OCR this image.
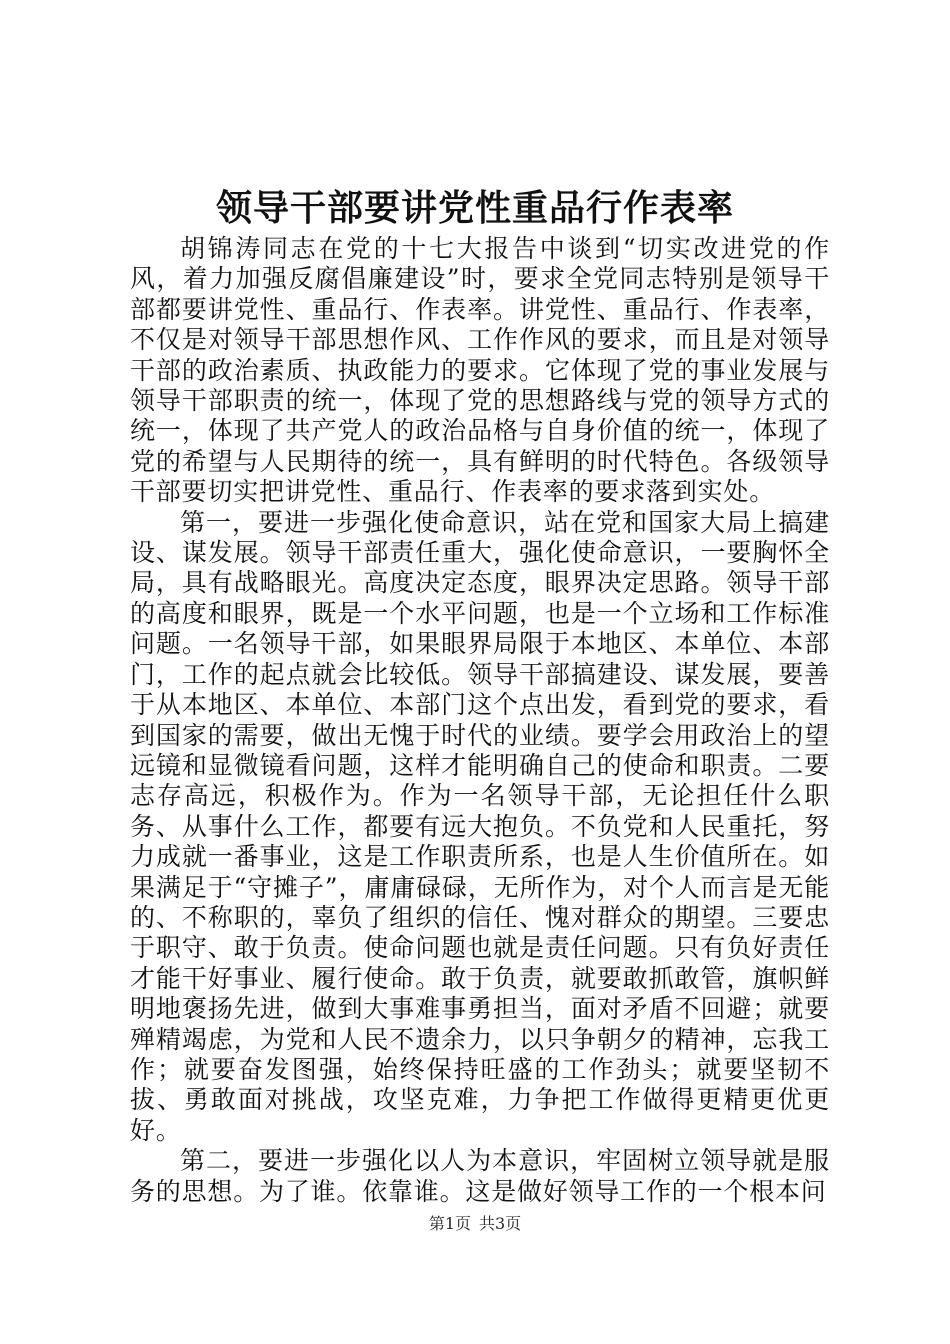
领导干部要讲党性重品行作表率

胡锦涛同志在党的十七大报告中谈到“切实改进党的作风，着力加强反腐倡廉建设”时，要求全党同志特别是领导干部都要讲党性、重品行、作表率。讲党性、重品行、作表率，不仅是对领导干部思想作风、工作作风的要求，而且是对领导干部的政治素质、执政能力的要求。它体现了党的事业发展与领导干部职责的统一，体现了党的思想路线与党的领导方式的统一，体现了共产党人的政治品格与自身价值的统一，体现了党的希望与人民期待的统一，具有鲜明的时代特色。各级领导干部要切实把讲党性、重品行、作表率的要求落到实处。

第一，要进一步强化使命意识，站在党和国家大局上搞建设、谋发展。领导干部责任重大，强化使命意识，一要胸怀全局，具有战略眼光。高度决定态度，眼界决定思路。领导干部的高度和眼界，既是一个水平问题，也是一个立场和工作标准问题。一名领导干部，如果眼界局限于本地区、本单位、本部门，工作的起点就会比较低。领导干部搞建设、谋发展，要善于从本地区、本单位、本部门这个点出发，看到党的要求，看到国家的需要，做出无愧于时代的业绩。要学会用政治上的望远镜和显微镜看问题，这样才能明确自己的使命和职责。二要志存高远，积极作为。作为一名领导干部，无论担任什么职务、从事什么工作，都要有远大抱负。不负党和人民重托，努力成就一番事业，这是工作职责所系，也是人生价值所在。如果满足于“守摊子”，庸庸碌碌，无所作为，对个人而言是无能的、不称职的，辜负了组织的信任、愧对群众的期望。三要忠于职守、敢于负责。使命问题也就是责任问题。只有负好责任才能干好事业、履行使命。敢于负责，就要敢抓敢管，旗帜鲜明地褒扬先进，做到大事难事勇担当，面对矛盾不回避；就要殚精竭虑，为党和人民不遗余力，以只争朝夕的精神，忘我工作；就要奋发图强，始终保持旺盛的工作劲头；就要坚韧不拔、勇敢面对挑战，攻坚克难，力争把工作做得更精更优更好。

第二，要进一步强化以人为本意识，牢固树立领导就是服务的思想。为了谁。依靠谁。这是做好领导工作的一个根本问

第1页 共3页
